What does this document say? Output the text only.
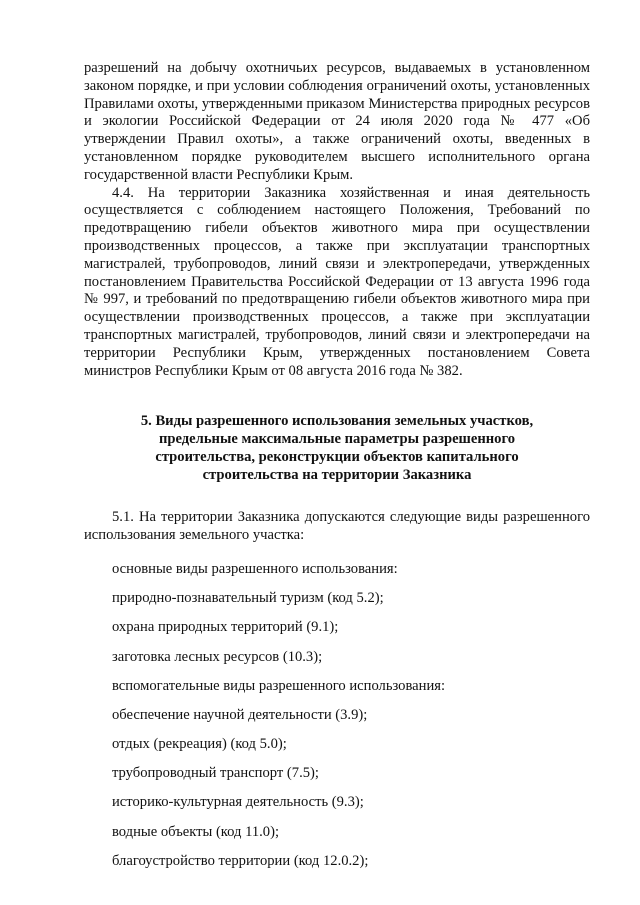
разрешений на добычу охотничьих ресурсов, выдаваемых в установленном законом порядке, и при условии соблюдения ограничений охоты, установленных Правилами охоты, утвержденными приказом Министерства природных ресурсов и экологии Российской Федерации от 24 июля 2020 года № 477 «Об утверждении Правил охоты», а также ограничений охоты, введенных в установленном порядке руководителем высшего исполнительного органа государственной власти Республики Крым.

4.4. На территории Заказника хозяйственная и иная деятельность осуществляется с соблюдением настоящего Положения, Требований по предотвращению гибели объектов животного мира при осуществлении производственных процессов, а также при эксплуатации транспортных магистралей, трубопроводов, линий связи и электропередачи, утвержденных постановлением Правительства Российской Федерации от 13 августа 1996 года № 997, и требований по предотвращению гибели объектов животного мира при осуществлении производственных процессов, а также при эксплуатации транспортных магистралей, трубопроводов, линий связи и электропередачи на территории Республики Крым, утвержденных постановлением Совета министров Республики Крым от 08 августа 2016 года № 382.

5. Виды разрешенного использования земельных участков,
предельные максимальные параметры разрешенного
строительства, реконструкции объектов капитального
строительства на территории Заказника

5.1. На территории Заказника допускаются следующие виды разрешенного использования земельного участка:

основные виды разрешенного использования:
природно-познавательный туризм (код 5.2);
охрана природных территорий (9.1);
заготовка лесных ресурсов (10.3);
вспомогательные виды разрешенного использования:
обеспечение научной деятельности (3.9);
отдых (рекреация) (код 5.0);
трубопроводный транспорт (7.5);
историко-культурная деятельность (9.3);
водные объекты (код 11.0);
благоустройство территории (код 12.0.2);
